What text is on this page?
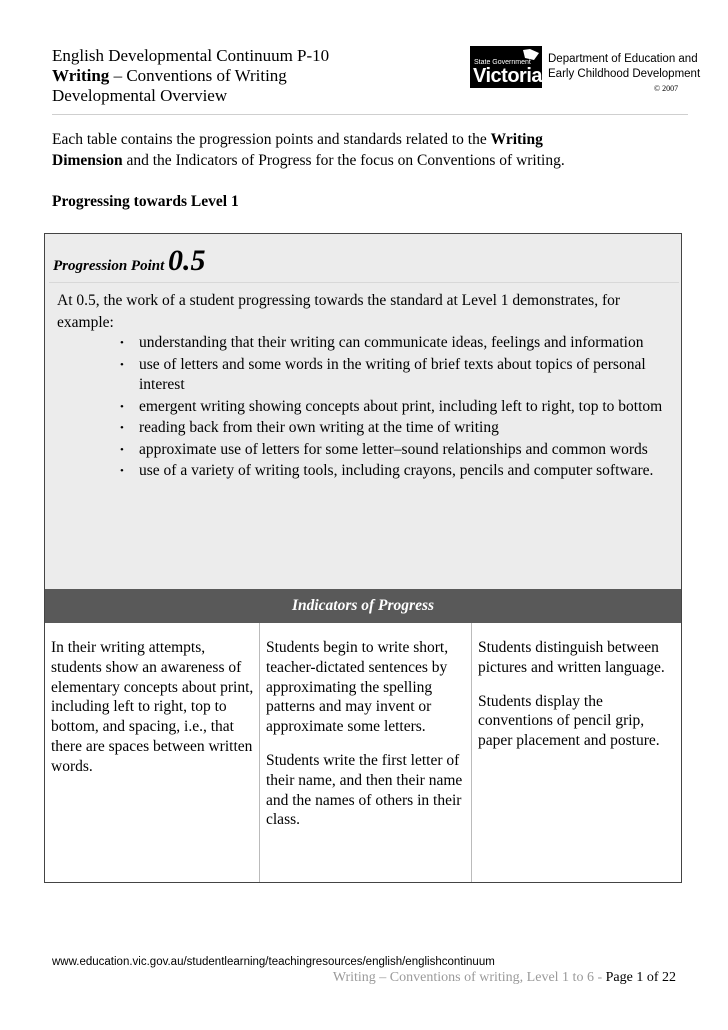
English Developmental Continuum P-10
Writing – Conventions of Writing
Developmental Overview
State Government
Victoria
Department of Education and
Early Childhood Development
© 2007
Each table contains the progression points and standards related to the Writing
Dimension and the Indicators of Progress for the focus on Conventions of writing.
Progressing towards Level 1
Progression Point 0.5
At 0.5, the work of a student progressing towards the standard at Level 1 demonstrates, for example:
• understanding that their writing can communicate ideas, feelings and information
• use of letters and some words in the writing of brief texts about topics of personal interest
• emergent writing showing concepts about print, including left to right, top to bottom
• reading back from their own writing at the time of writing
• approximate use of letters for some letter–sound relationships and common words
• use of a variety of writing tools, including crayons, pencils and computer software.
Indicators of Progress

In their writing attempts, students show an awareness of elementary concepts about print, including left to right, top to bottom, and spacing, i.e., that there are spaces between written words.

Students begin to write short, teacher-dictated sentences by approximating the spelling patterns and may invent or approximate some letters.

Students write the first letter of their name, and then their name and the names of others in their class.

Students distinguish between pictures and written language.

Students display the conventions of pencil grip, paper placement and posture.

www.education.vic.gov.au/studentlearning/teachingresources/english/englishcontinuum
Writing – Conventions of writing, Level 1 to 6 - Page 1 of 22
